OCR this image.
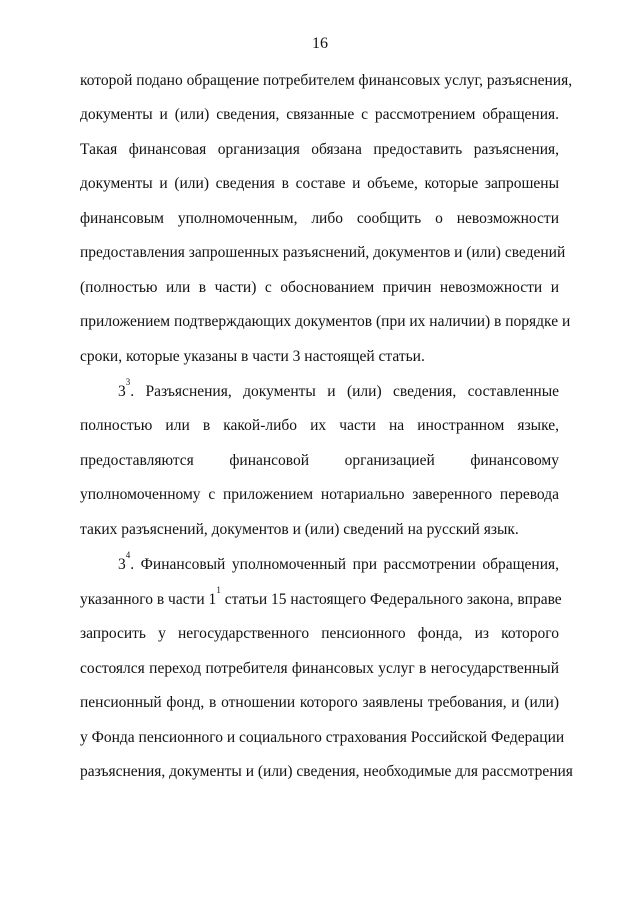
16
которой подано обращение потребителем финансовых услуг, разъяснения,
документы и (или) сведения, связанные с рассмотрением обращения.
Такая финансовая организация обязана предоставить разъяснения,
документы и (или) сведения в составе и объеме, которые запрошены
финансовым уполномоченным, либо сообщить о невозможности
предоставления запрошенных разъяснений, документов и (или) сведений
(полностью или в части) с обоснованием причин невозможности и
приложением подтверждающих документов (при их наличии) в порядке и
сроки, которые указаны в части 3 настоящей статьи.
$3^3$. Разъяснения, документы и (или) сведения, составленные
полностью или в какой-либо их части на иностранном языке,
предоставляются финансовой организацией финансовому
уполномоченному с приложением нотариально заверенного перевода
таких разъяснений, документов и (или) сведений на русский язык.
$3^4$. Финансовый уполномоченный при рассмотрении обращения,
указанного в части $1^1$ статьи 15 настоящего Федерального закона, вправе
запросить у негосударственного пенсионного фонда, из которого
состоялся переход потребителя финансовых услуг в негосударственный
пенсионный фонд, в отношении которого заявлены требования, и (или)
у Фонда пенсионного и социального страхования Российской Федерации
разъяснения, документы и (или) сведения, необходимые для рассмотрения
